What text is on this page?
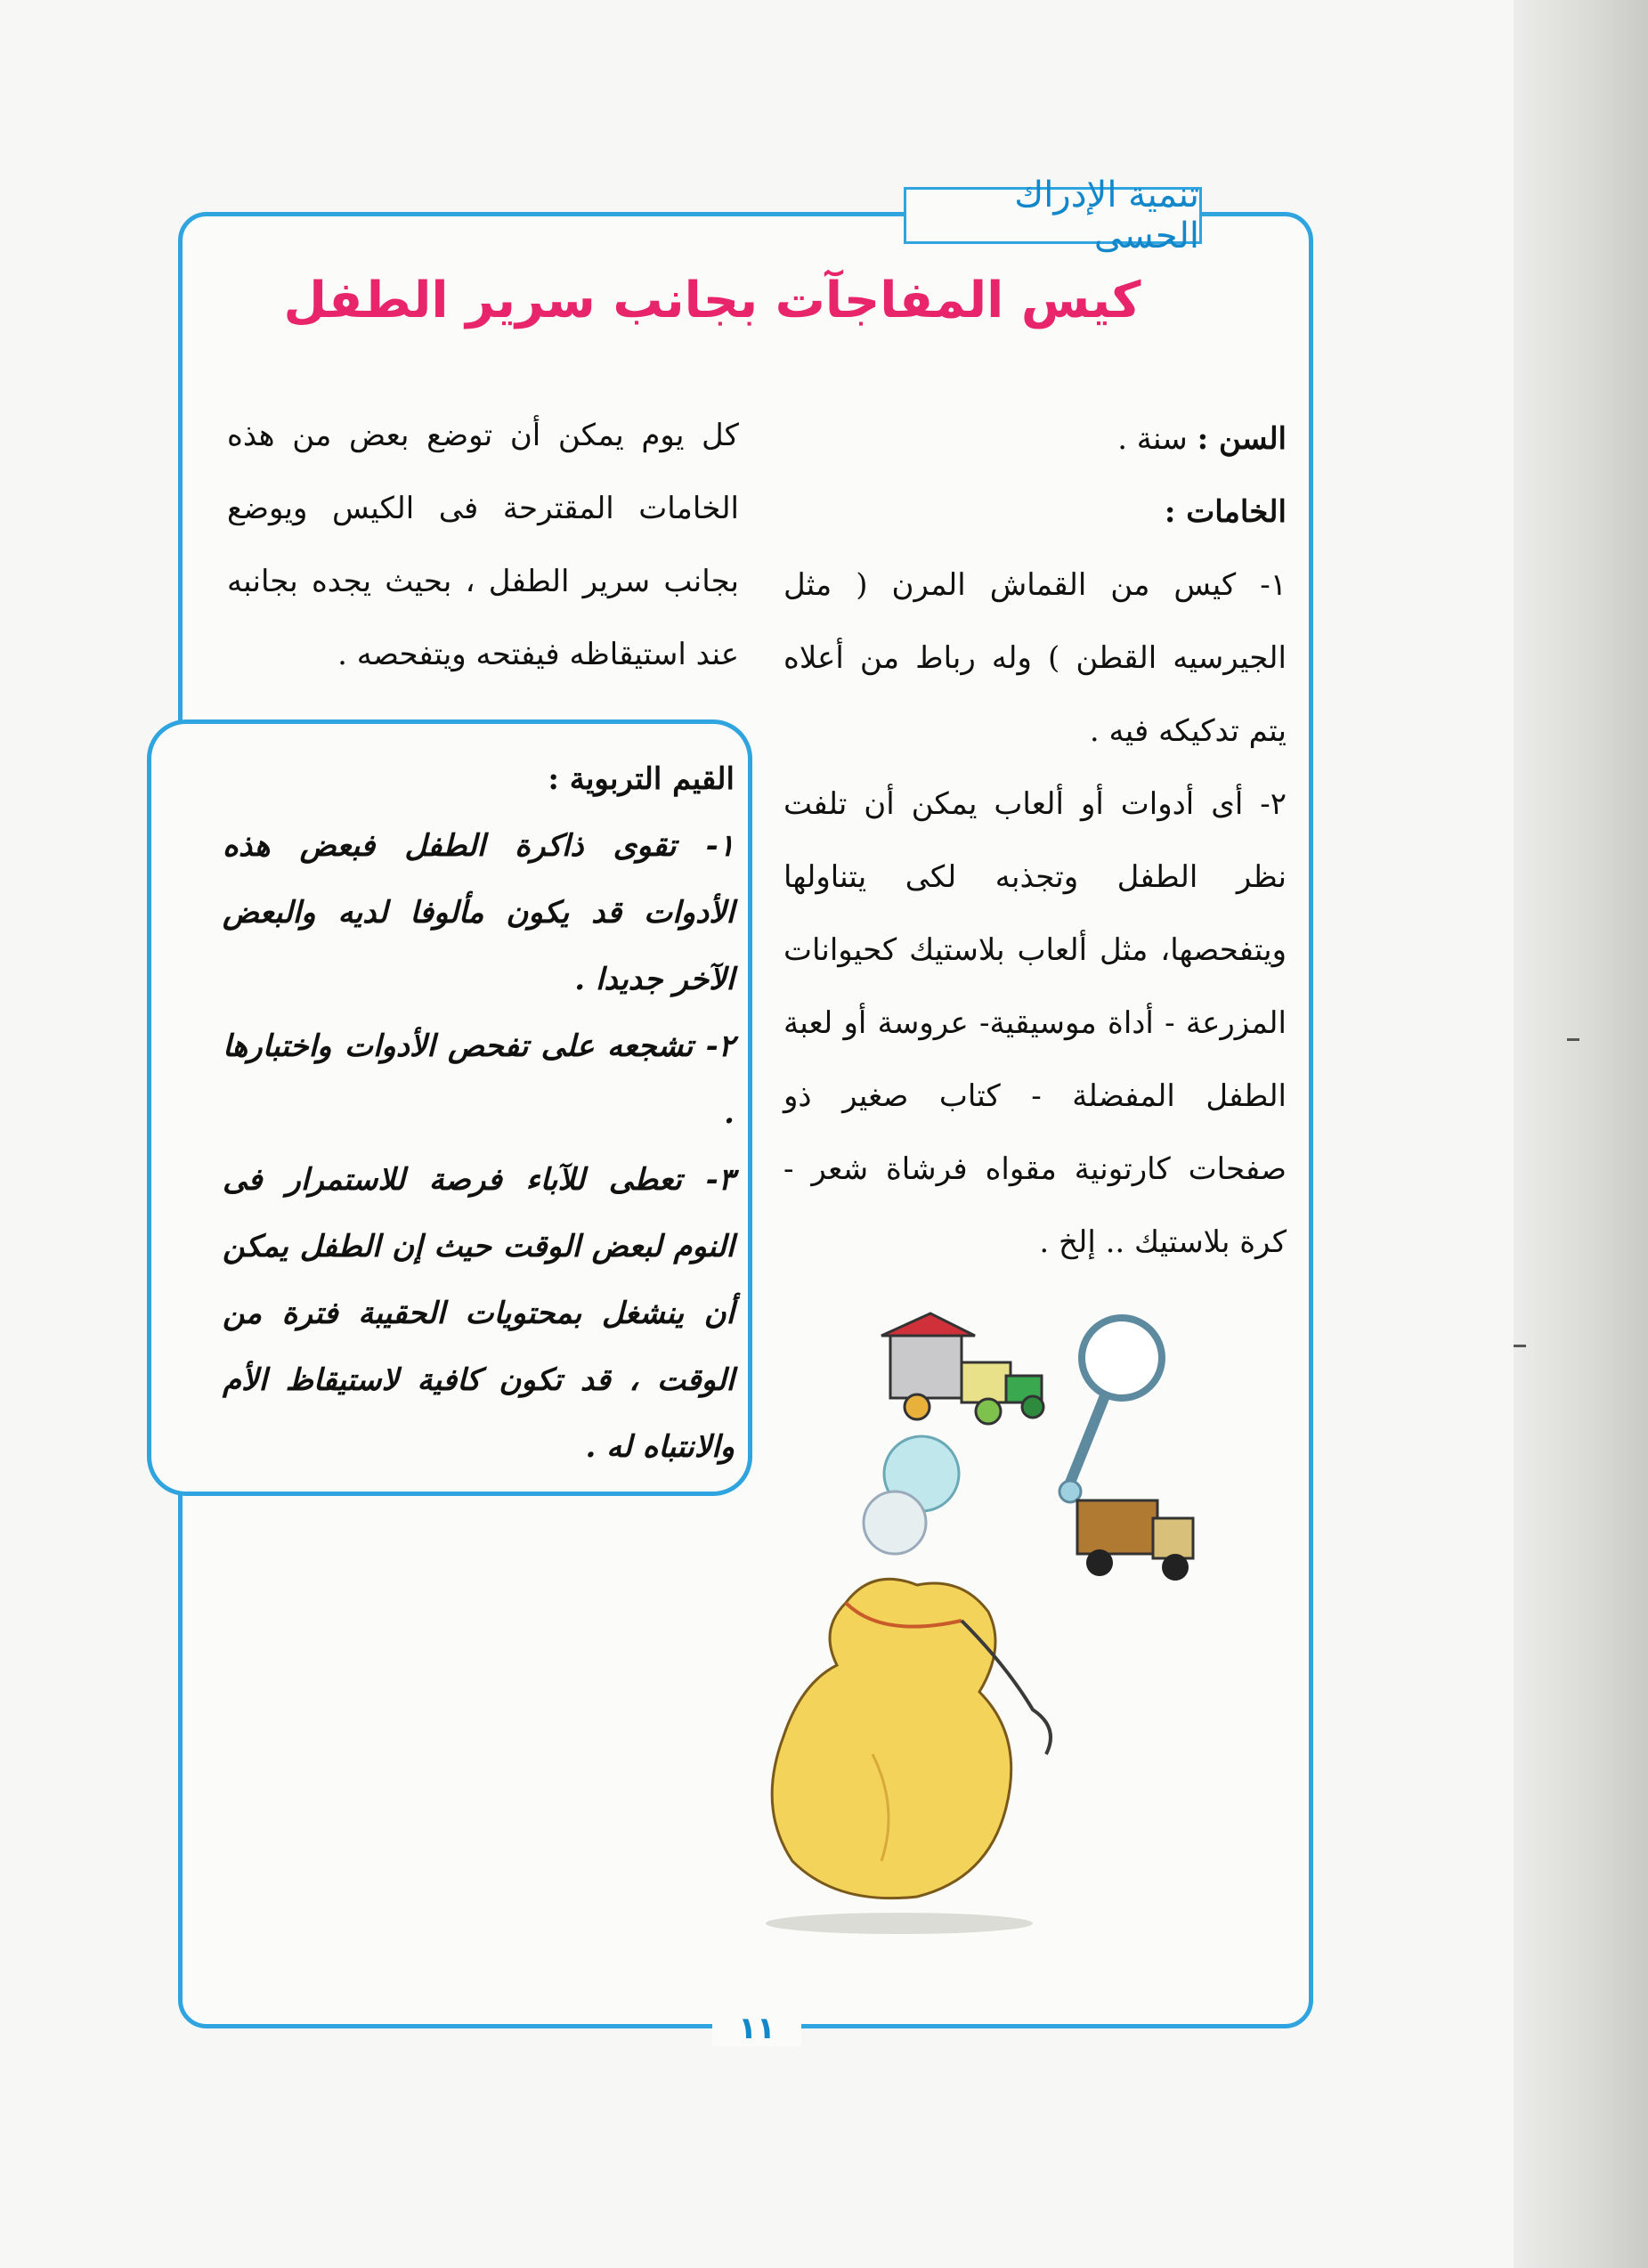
تنمية الإدراك الحسى
كيس المفاجآت بجانب سرير الطفل

السن : سنة .

الخامات :

١- كيس من القماش المرن ( مثل الجيرسيه القطن ) وله رباط من أعلاه يتم تدكيكه فيه .

٢- أى أدوات أو ألعاب يمكن أن تلفت نظر الطفل وتجذبه لكى يتناولها ويتفحصها، مثل ألعاب بلاستيك كحيوانات المزرعة - أداة موسيقية- عروسة أو لعبة الطفل المفضلة - كتاب صغير ذو صفحات كارتونية مقواه فرشاة شعر - كرة بلاستيك .. إلخ .

كل يوم يمكن أن توضع بعض من هذه الخامات المقترحة فى الكيس ويوضع بجانب سرير الطفل ، بحيث يجده بجانبه عند استيقاظه فيفتحه ويتفحصه .

القيم التربوية :

١- تقوى ذاكرة الطفل فبعض هذه الأدوات قد يكون مألوفا لديه والبعض الآخر جديدا .

٢- تشجعه على تفحص الأدوات واختبارها .

٣- تعطى للآباء فرصة للاستمرار فى النوم لبعض الوقت حيث إن الطفل يمكن أن ينشغل بمحتويات الحقيبة فترة من الوقت ، قد تكون كافية لاستيقاظ الأم والانتباه له .

١١
